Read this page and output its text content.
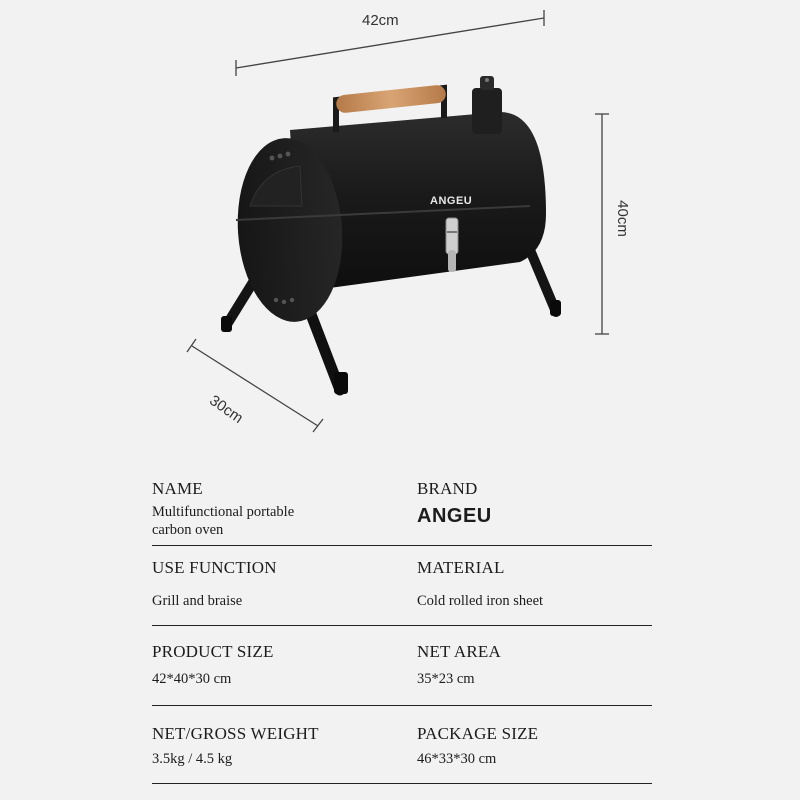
ANGEU
42cm
40cm
30cm
NAME
Multifunctional portable
carbon oven
BRAND
ANGEU
USE FUNCTION
Grill and braise
MATERIAL
Cold rolled iron sheet
PRODUCT SIZE
42*40*30 cm
NET AREA
35*23 cm
NET/GROSS WEIGHT
3.5kg / 4.5 kg
PACKAGE SIZE
46*33*30 cm
